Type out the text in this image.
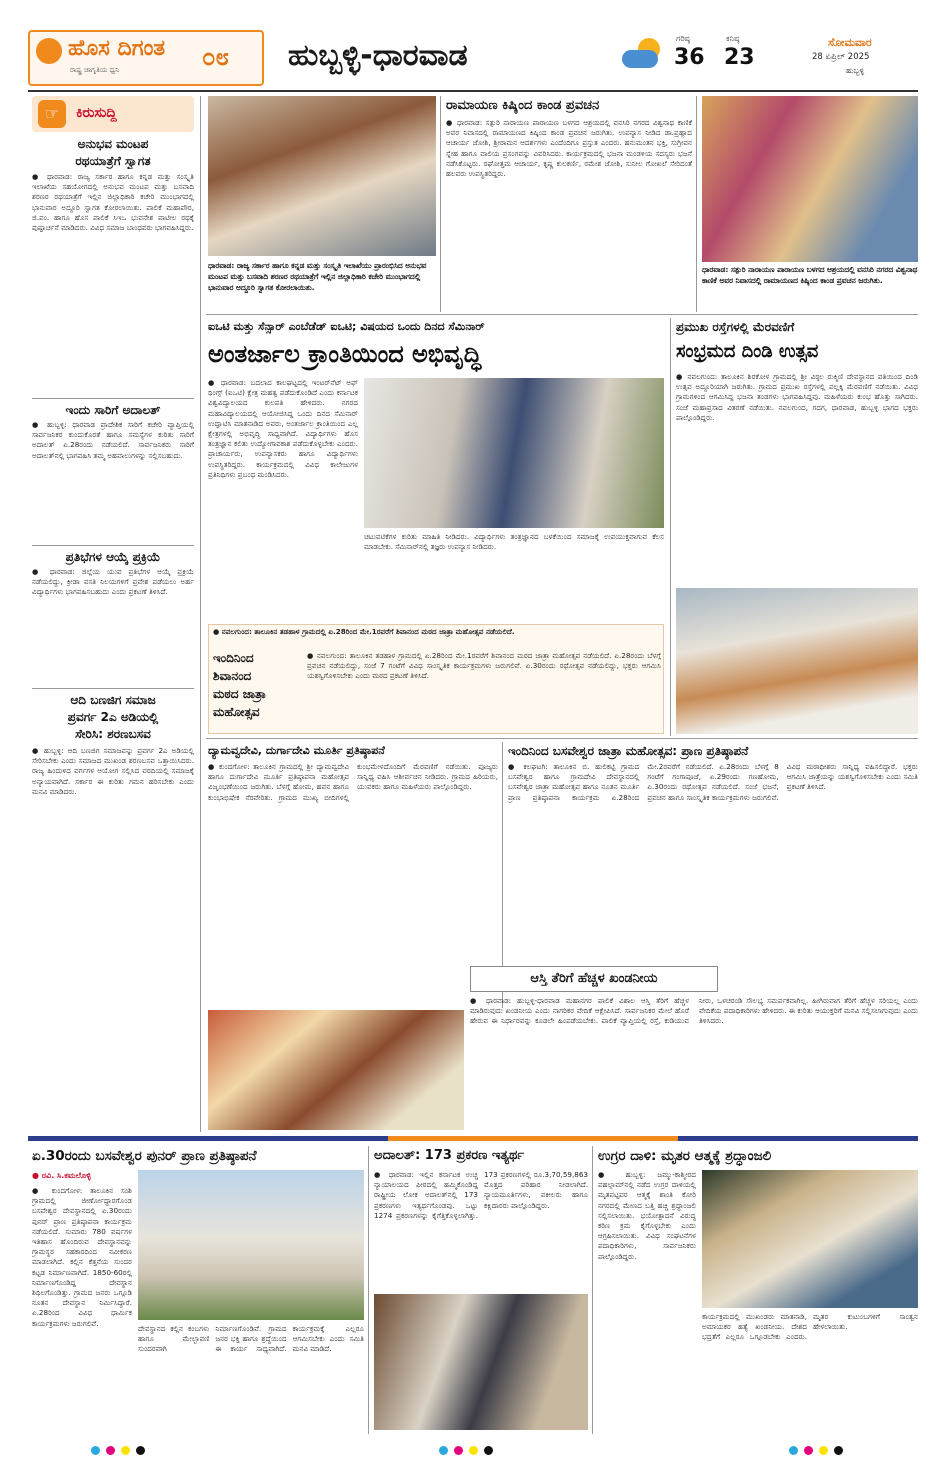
ಹೊಸ ದಿಗಂತ
ರಾಷ್ಟ್ರ ಜಾಗೃತಿಯ ಧ್ವನಿ	೦೮ ಹುಬ್ಬಳ್ಳಿ-ಧಾರವಾಡ	ಗರಿಷ್ಠ
36
ಕನಿಷ್ಠ
23
ಸೋಮವಾರ
28 ಏಪ್ರಿಲ್ 2025
ಹುಬ್ಬಳ್ಳಿ
☞	ಕಿರುಸುದ್ದಿ
ಅನುಭವ ಮಂಟಪ
ರಥಯಾತ್ರೆಗೆ ಸ್ವಾಗತ
● ಧಾರವಾಡ: ರಾಜ್ಯ ಸರ್ಕಾರ ಹಾಗೂ ಕನ್ನಡ ಮತ್ತು ಸಂಸ್ಕೃತಿ ಇಲಾಖೆಯ ಸಹಯೋಗದಲ್ಲಿ ಅನುಭವ ಮಂಟಪ ಮತ್ತು ಬಸವಾದಿ ಶರಣರ ರಥಯಾತ್ರೆಗೆ ಇಲ್ಲಿನ ಜಿಲ್ಲಾಧಿಕಾರಿ ಕಚೇರಿ ಮುಂಭಾಗದಲ್ಲಿ ಭಾನುವಾರ ಅದ್ದೂರಿ ಸ್ವಾಗತ ಕೋರಲಾಯಿತು. ಪಾಲಿಕೆ ಮಹಾಪೌರ, ಜಿ.ಪಂ. ಹಾಗೂ ಹೊಸ ಪಾಲಿಕೆ ಸಿಇಒ ಭುವನೇಶ ಪಾಟೀಲ ರಥಕ್ಕೆ ಪುಷ್ಪಾರ್ಚನೆ ಮಾಡಿದರು. ವಿವಿಧ ಸಮಾಜ ಬಾಂಧವರು ಭಾಗವಹಿಸಿದ್ದರು.
ಇಂದು ಸಾರಿಗೆ ಅದಾಲತ್
● ಹುಬ್ಬಳ್ಳಿ: ಧಾರವಾಡ ಪ್ರಾದೇಶಿಕ ಸಾರಿಗೆ ಕಚೇರಿ ವ್ಯಾಪ್ತಿಯಲ್ಲಿ ಸಾರ್ವಜನಿಕರ ಕುಂದುಕೊರತೆ ಹಾಗೂ ಸಮಸ್ಯೆಗಳ ಕುರಿತು ಸಾರಿಗೆ ಅದಾಲತ್ ಏ.28ರಂದು ನಡೆಯಲಿದೆ. ಸಾರ್ವಜನಿಕರು ಸಾರಿಗೆ ಅದಾಲತ್‌ನಲ್ಲಿ ಭಾಗವಹಿಸಿ ತಮ್ಮ ಅಹವಾಲುಗಳನ್ನು ಸಲ್ಲಿಸಬಹುದು.
ಪ್ರತಿಭೆಗಳ ಆಯ್ಕೆ ಪ್ರಕ್ರಿಯೆ
● ಧಾರವಾಡ: ಜಿಲ್ಲೆಯ ಯುವ ಪ್ರತಿಭೆಗಳ ಆಯ್ಕೆ ಪ್ರಕ್ರಿಯೆ ನಡೆಯಲಿದ್ದು, ಕ್ರೀಡಾ ವಸತಿ ನಿಲಯಗಳಿಗೆ ಪ್ರವೇಶ ಪಡೆಯಲು ಅರ್ಹ ವಿದ್ಯಾರ್ಥಿಗಳು ಭಾಗವಹಿಸಬಹುದು ಎಂದು ಪ್ರಕಟಣೆ ತಿಳಿಸಿದೆ.
ಆದಿ ಬಣಜಿಗ ಸಮಾಜ
ಪ್ರವರ್ಗ 2ಎ ಅಡಿಯಲ್ಲಿ
ಸೇರಿಸಿ: ಶರಣಬಸವ
● ಹುಬ್ಬಳ್ಳಿ: ಆದಿ ಬಣಜಿಗ ಸಮಾಜವನ್ನು ಪ್ರವರ್ಗ 2ಎ ಅಡಿಯಲ್ಲಿ ಸೇರಿಸಬೇಕು ಎಂದು ಸಮಾಜದ ಮುಖಂಡ ಶರಣಬಸವ ಒತ್ತಾಯಿಸಿದರು. ರಾಜ್ಯ ಹಿಂದುಳಿದ ವರ್ಗಗಳ ಆಯೋಗ ಸಲ್ಲಿಸಿದ ವರದಿಯಲ್ಲಿ ಸಮಾಜಕ್ಕೆ ಅನ್ಯಾಯವಾಗಿದೆ. ಸರ್ಕಾರ ಈ ಕುರಿತು ಗಮನ ಹರಿಸಬೇಕು ಎಂದು ಮನವಿ ಮಾಡಿದರು.
ಧಾರವಾಡ: ರಾಜ್ಯ ಸರ್ಕಾರ ಹಾಗೂ ಕನ್ನಡ ಮತ್ತು ಸಂಸ್ಕೃತಿ ಇಲಾಖೆಯು ಪ್ರಾರಂಭಿಸಿದ ಅನುಭವ ಮಂಟಪ ಮತ್ತು ಬಸವಾದಿ ಶರಣರ ರಥಯಾತ್ರೆಗೆ ಇಲ್ಲಿನ ಜಿಲ್ಲಾಧಿಕಾರಿ ಕಚೇರಿ ಮುಂಭಾಗದಲ್ಲಿ ಭಾನುವಾರ ಅದ್ದೂರಿ ಸ್ವಾಗತ ಕೋರಲಾಯಿತು.
ರಾಮಾಯಣ ಕಿಷ್ಕಿಂದ ಕಾಂಡ ಪ್ರವಚನ
● ಧಾರವಾಡ: ಸತ್ಪುರಿ ನಾರಾಯಣ ಪಾರಾಯಣ ಬಳಗದ ಆಶ್ರಯದಲ್ಲಿ ವನಸಿರಿ ನಗರದ ವಿಶ್ವನಾಥ ಕಾಣಿಕೆ ಅವರ ನಿವಾಸದಲ್ಲಿ ರಾಮಾಯಣದ ಕಿಷ್ಕಿಂದ ಕಾಂಡ ಪ್ರವಚನ ಜರುಗಿತು. ಉಪನ್ಯಾಸ ನೀಡಿದ ಡಾ.ಪ್ರಹ್ಲಾದ ಆಚಾರ್ಯ ಜೋಶಿ, ಶ್ರೀರಾಮನ ಆದರ್ಶಗಳು ಎಂದೆಂದಿಗೂ ಪ್ರಸ್ತುತ ಎಂದರು. ಹನುಮಂತನ ಭಕ್ತಿ, ಸುಗ್ರೀವನ ಸ್ನೇಹ ಹಾಗೂ ವಾಲಿಯ ಪ್ರಸಂಗವನ್ನು ವಿವರಿಸಿದರು. ಕಾರ್ಯಕ್ರಮದಲ್ಲಿ ಭಜನಾ ಮಂಡಳಿಯ ಸದಸ್ಯರು ಭಜನೆ ನಡೆಸಿಕೊಟ್ಟರು. ರಘೋತ್ತಮ ಆಚಾರ್ಯ, ಕೃಷ್ಣ ಕುಲಕರ್ಣಿ, ರಮೇಶ ಜೋಶಿ, ಸುನೀಲ ಗೋಖಲೆ ಸೇರಿದಂತೆ ಹಲವರು ಉಪಸ್ಥಿತರಿದ್ದರು.
ಧಾರವಾಡ: ಸತ್ಪುರಿ ನಾರಾಯಣ ಪಾರಾಯಣ ಬಳಗದ ಆಶ್ರಯದಲ್ಲಿ ವನಸಿರಿ ನಗರದ ವಿಶ್ವನಾಥ ಕಾಣಿಕೆ ಅವರ ನಿವಾಸದಲ್ಲಿ ರಾಮಾಯಣದ ಕಿಷ್ಕಿಂದ ಕಾಂಡ ಪ್ರವಚನ ಜರುಗಿತು.
ಐಒಟಿ ಮತ್ತು ಸೆನ್ಸಾರ್ ಎಂಬೆಡೆಡ್ ಐಒಟಿ; ವಿಷಯದ ಒಂದು ದಿನದ ಸೆಮಿನಾರ್
ಅಂತರ್ಜಾಲ ಕ್ರಾಂತಿಯಿಂದ ಅಭಿವೃದ್ಧಿ
● ಧಾರವಾಡ: ಬದಲಾದ ಕಾಲಘಟ್ಟದಲ್ಲಿ ಇಂಟರ್‌ನೆಟ್ ಆಫ್ ಥಿಂಗ್ಸ್ (ಐಒಟಿ) ಕ್ಷೇತ್ರ ಮಹತ್ವ ಪಡೆದುಕೊಂಡಿದೆ ಎಂದು ಕರ್ನಾಟಕ ವಿಶ್ವವಿದ್ಯಾಲಯದ ಕುಲಪತಿ ಹೇಳಿದರು. ನಗರದ ಮಹಾವಿದ್ಯಾಲಯದಲ್ಲಿ ಆಯೋಜಿಸಿದ್ದ ಒಂದು ದಿನದ ಸೆಮಿನಾರ್ ಉದ್ಘಾಟಿಸಿ ಮಾತನಾಡಿದ ಅವರು, ಅಂತರ್ಜಾಲ ಕ್ರಾಂತಿಯಿಂದ ಎಲ್ಲ ಕ್ಷೇತ್ರಗಳಲ್ಲಿ ಅಭಿವೃದ್ಧಿ ಸಾಧ್ಯವಾಗಿದೆ. ವಿದ್ಯಾರ್ಥಿಗಳು ಹೊಸ ತಂತ್ರಜ್ಞಾನ ಕಲಿತು ಉದ್ಯೋಗಾವಕಾಶ ಪಡೆದುಕೊಳ್ಳಬೇಕು ಎಂದರು. ಪ್ರಾಚಾರ್ಯರು, ಉಪನ್ಯಾಸಕರು ಹಾಗೂ ವಿದ್ಯಾರ್ಥಿಗಳು ಉಪಸ್ಥಿತರಿದ್ದರು. ಕಾರ್ಯಕ್ರಮದಲ್ಲಿ ವಿವಿಧ ಕಾಲೇಜುಗಳ ಪ್ರತಿನಿಧಿಗಳು ಪ್ರಬಂಧ ಮಂಡಿಸಿದರು.
ಚಟುವಟಿಕೆಗಳ ಕುರಿತು ಮಾಹಿತಿ ನೀಡಿದರು. ವಿದ್ಯಾರ್ಥಿಗಳು ತಂತ್ರಜ್ಞಾನದ ಬಳಕೆಯಿಂದ ಸಮಾಜಕ್ಕೆ ಉಪಯುಕ್ತವಾಗುವ ಕೆಲಸ ಮಾಡಬೇಕು. ಸೆಮಿನಾರ್‌ನಲ್ಲಿ ತಜ್ಞರು ಉಪನ್ಯಾಸ ನೀಡಿದರು.
ಪ್ರಮುಖ ರಸ್ತೆಗಳಲ್ಲಿ ಮೆರವಣಿಗೆ
ಸಂಭ್ರಮದ ದಿಂಡಿ ಉತ್ಸವ
● ನವಲಗುಂದ: ತಾಲೂಕಿನ ಶಿರಕೋಳ ಗ್ರಾಮದಲ್ಲಿ ಶ್ರೀ ವಿಠ್ಠಲ ರುಕ್ಮಿಣಿ ದೇವಸ್ಥಾನದ ವತಿಯಿಂದ ದಿಂಡಿ ಉತ್ಸವ ಅದ್ದೂರಿಯಾಗಿ ಜರುಗಿತು. ಗ್ರಾಮದ ಪ್ರಮುಖ ರಸ್ತೆಗಳಲ್ಲಿ ಪಲ್ಲಕ್ಕಿ ಮೆರವಣಿಗೆ ನಡೆಯಿತು. ವಿವಿಧ ಗ್ರಾಮಗಳಿಂದ ಆಗಮಿಸಿದ್ದ ಭಜನಾ ತಂಡಗಳು ಭಾಗವಹಿಸಿದ್ದವು. ಮಹಿಳೆಯರು ಕುಂಭ ಹೊತ್ತು ಸಾಗಿದರು. ಸಂಜೆ ಮಹಾಪ್ರಸಾದ ವಿತರಣೆ ನಡೆಯಿತು. ನವಲಗುಂದ, ಗದಗ, ಧಾರವಾಡ, ಹುಬ್ಬಳ್ಳಿ ಭಾಗದ ಭಕ್ತರು ಪಾಲ್ಗೊಂಡಿದ್ದರು.
● ನವಲಗುಂದ: ತಾಲೂಕಿನ ತಡಹಾಳ ಗ್ರಾಮದಲ್ಲಿ ಏ.28ರಿಂದ ಮೇ.1ರವರೆಗೆ ಶಿವಾನಂದ ಮಠದ ಜಾತ್ರಾ ಮಹೋತ್ಸವ ನಡೆಯಲಿದೆ.
ಇಂದಿನಿಂದ
ಶಿವಾನಂದ
ಮಠದ ಜಾತ್ರಾ
ಮಹೋತ್ಸವ
● ನವಲಗುಂದ: ತಾಲೂಕಿನ ತಡಹಾಳ ಗ್ರಾಮದಲ್ಲಿ ಏ.28ರಿಂದ ಮೇ.1ರವರೆಗೆ ಶಿವಾನಂದ ಮಠದ ಜಾತ್ರಾ ಮಹೋತ್ಸವ ನಡೆಯಲಿದೆ. ಏ.28ರಂದು ಬೆಳಗ್ಗೆ ಪ್ರವಚನ ನಡೆಯಲಿದ್ದು, ಸಂಜೆ 7 ಗಂಟೆಗೆ ವಿವಿಧ ಸಾಂಸ್ಕೃತಿಕ ಕಾರ್ಯಕ್ರಮಗಳು ಜರುಗಲಿವೆ. ಏ.30ರಂದು ರಥೋತ್ಸವ ನಡೆಯಲಿದ್ದು, ಭಕ್ತರು ಆಗಮಿಸಿ ಯಶಸ್ವಿಗೊಳಿಸಬೇಕು ಎಂದು ಮಠದ ಪ್ರಕಟಣೆ ತಿಳಿಸಿದೆ.
ದ್ಯಾಮವ್ವದೇವಿ, ದುರ್ಗಾದೇವಿ ಮೂರ್ತಿ ಪ್ರತಿಷ್ಠಾಪನೆ
● ಕುಂದಗೋಳ: ತಾಲೂಕಿನ ಗ್ರಾಮದಲ್ಲಿ ಶ್ರೀ ದ್ಯಾಮವ್ವದೇವಿ ಹಾಗೂ ದುರ್ಗಾದೇವಿ ಮೂರ್ತಿ ಪ್ರತಿಷ್ಠಾಪನಾ ಮಹೋತ್ಸವ ವಿಜೃಂಭಣೆಯಿಂದ ಜರುಗಿತು. ಬೆಳಗ್ಗೆ ಹೋಮ, ಹವನ ಹಾಗೂ ಕುಂಭಾಭಿಷೇಕ ನೆರವೇರಿತು. ಗ್ರಾಮದ ಮುಖ್ಯ ಬೀದಿಗಳಲ್ಲಿ ಕುಂಭಮೇಳದೊಂದಿಗೆ ಮೆರವಣಿಗೆ ನಡೆಯಿತು. ಪೂಜ್ಯರು ಸಾನ್ನಿಧ್ಯ ವಹಿಸಿ ಆಶೀರ್ವಚನ ನೀಡಿದರು. ಗ್ರಾಮದ ಹಿರಿಯರು, ಯುವಕರು ಹಾಗೂ ಮಹಿಳೆಯರು ಪಾಲ್ಗೊಂಡಿದ್ದರು.
ಇಂದಿನಿಂದ ಬಸವೇಶ್ವರ ಜಾತ್ರಾ ಮಹೋತ್ಸವ: ಪ್ರಾಣ ಪ್ರತಿಷ್ಠಾಪನೆ
● ಕಲಘಟಗಿ: ತಾಲೂಕಿನ ಬಿ. ಹುಲಿಕಟ್ಟಿ ಗ್ರಾಮದ ಬಸವೇಶ್ವರ ಹಾಗೂ ಗ್ರಾಮದೇವಿ ದೇವಸ್ಥಾನದಲ್ಲಿ ಬಸವೇಶ್ವರ ಜಾತ್ರಾ ಮಹೋತ್ಸವ ಹಾಗೂ ನೂತನ ಮೂರ್ತಿ ಪ್ರಾಣ ಪ್ರತಿಷ್ಠಾಪನಾ ಕಾರ್ಯಕ್ರಮ ಏ.28ರಿಂದ ಮೇ.2ರವರೆಗೆ ನಡೆಯಲಿದೆ. ಏ.28ರಂದು ಬೆಳಗ್ಗೆ 8 ಗಂಟೆಗೆ ಗಂಗಾಪೂಜೆ, ಏ.29ರಂದು ಗಣಹೋಮ, ಏ.30ರಂದು ರಥೋತ್ಸವ ನಡೆಯಲಿದೆ. ಸಂಜೆ ಭಜನೆ, ಪ್ರವಚನ ಹಾಗೂ ಸಾಂಸ್ಕೃತಿಕ ಕಾರ್ಯಕ್ರಮಗಳು ಜರುಗಲಿವೆ. ವಿವಿಧ ಮಠಾಧೀಶರು ಸಾನ್ನಿಧ್ಯ ವಹಿಸಲಿದ್ದಾರೆ. ಭಕ್ತರು ಆಗಮಿಸಿ ಜಾತ್ರೆಯನ್ನು ಯಶಸ್ವಿಗೊಳಿಸಬೇಕು ಎಂದು ಸಮಿತಿ ಪ್ರಕಟಣೆ ತಿಳಿಸಿದೆ.
ಆಸ್ತಿ ತೆರಿಗೆ ಹೆಚ್ಚಳ ಖಂಡನೀಯ
● ಧಾರವಾಡ: ಹುಬ್ಬಳ್ಳಿ-ಧಾರವಾಡ ಮಹಾನಗರ ಪಾಲಿಕೆ ವಿಶಾಲ ಆಸ್ತಿ ತೆರಿಗೆ ಹೆಚ್ಚಳ ಮಾಡಿರುವುದು ಖಂಡನೀಯ ಎಂದು ನಾಗರಿಕರ ವೇದಿಕೆ ಆಕ್ಷೇಪಿಸಿದೆ. ಸಾರ್ವಜನಿಕರ ಮೇಲೆ ಹೊರೆ ಹೇರುವ ಈ ನಿರ್ಧಾರವನ್ನು ಕೂಡಲೇ ಹಿಂಪಡೆಯಬೇಕು. ಪಾಲಿಕೆ ವ್ಯಾಪ್ತಿಯಲ್ಲಿ ರಸ್ತೆ, ಕುಡಿಯುವ ನೀರು, ಒಳಚರಂಡಿ ಸೌಲಭ್ಯ ಸಮರ್ಪಕವಾಗಿಲ್ಲ. ಹೀಗಿರುವಾಗ ತೆರಿಗೆ ಹೆಚ್ಚಳ ಸರಿಯಲ್ಲ ಎಂದು ವೇದಿಕೆಯ ಪದಾಧಿಕಾರಿಗಳು ಹೇಳಿದರು. ಈ ಕುರಿತು ಆಯುಕ್ತರಿಗೆ ಮನವಿ ಸಲ್ಲಿಸಲಾಗುವುದು ಎಂದು ತಿಳಿಸಿದರು.
ಏ.30ರಂದು ಬಸವೇಶ್ವರ ಪುನರ್ ಪ್ರಾಣ ಪ್ರತಿಷ್ಠಾಪನೆ
● ರವಿ. ಸಿ.ಕಮಲೊಳ್ಳಿ
● ಕುಂದಗೋಳ: ತಾಲೂಕಿನ ಸಂಶಿ ಗ್ರಾಮದಲ್ಲಿ ಜೀರ್ಣೋದ್ಧಾರಗೊಂಡ ಬಸವೇಶ್ವರ ದೇವಸ್ಥಾನದಲ್ಲಿ ಏ.30ರಂದು ಪುನರ್ ಪ್ರಾಣ ಪ್ರತಿಷ್ಠಾಪನಾ ಕಾರ್ಯಕ್ರಮ ನಡೆಯಲಿದೆ. ಸುಮಾರು 780 ವರ್ಷಗಳ ಇತಿಹಾಸ ಹೊಂದಿರುವ ದೇವಸ್ಥಾನವನ್ನು ಗ್ರಾಮಸ್ಥರ ಸಹಕಾರದಿಂದ ನವೀಕರಣ ಮಾಡಲಾಗಿದೆ. ಕಲ್ಲಿನ ಕೆತ್ತನೆಯ ಸುಂದರ ಕಟ್ಟಡ ನಿರ್ಮಾಣವಾಗಿದೆ. 1850-60ರಲ್ಲಿ ನಿರ್ಮಾಣಗೊಂಡಿದ್ದ ದೇವಸ್ಥಾನ ಶಿಥಿಲಗೊಂಡಿತ್ತು. ಗ್ರಾಮದ ಜನರು ಒಗ್ಗೂಡಿ ನೂತನ ದೇವಸ್ಥಾನ ನಿರ್ಮಿಸಿದ್ದಾರೆ. ಏ.28ರಿಂದ ವಿವಿಧ ಧಾರ್ಮಿಕ ಕಾರ್ಯಕ್ರಮಗಳು ಜರುಗಲಿವೆ.
ದೇವಸ್ಥಾನದ ಕಲ್ಲಿನ ಕಂಬಗಳು ಹಾಗೂ ಮೇಲ್ಛಾವಣಿ ಸುಂದರವಾಗಿ ನಿರ್ಮಾಣಗೊಂಡಿವೆ. ಗ್ರಾಮದ ಜನರ ಭಕ್ತಿ ಹಾಗೂ ಶ್ರದ್ಧೆಯಿಂದ ಈ ಕಾರ್ಯ ಸಾಧ್ಯವಾಗಿದೆ. ಕಾರ್ಯಕ್ರಮಕ್ಕೆ ಎಲ್ಲರೂ ಆಗಮಿಸಬೇಕು ಎಂದು ಸಮಿತಿ ಮನವಿ ಮಾಡಿದೆ.
ಅದಾಲತ್: 173 ಪ್ರಕರಣ ಇತ್ಯರ್ಥ
● ಧಾರವಾಡ: ಇಲ್ಲಿನ ಕರ್ನಾಟಕ ಉಚ್ಚ ನ್ಯಾಯಾಲಯದ ಪೀಠದಲ್ಲಿ ಹಮ್ಮಿಕೊಂಡಿದ್ದ ರಾಷ್ಟ್ರೀಯ ಲೋಕ ಅದಾಲತ್‌ನಲ್ಲಿ 173 ಪ್ರಕರಣಗಳು ಇತ್ಯರ್ಥಗೊಂಡವು. ಒಟ್ಟು 1274 ಪ್ರಕರಣಗಳನ್ನು ಕೈಗೆತ್ತಿಕೊಳ್ಳಲಾಗಿತ್ತು. 173 ಪ್ರಕರಣಗಳಲ್ಲಿ ರೂ.3,70,59,863 ಮೊತ್ತದ ಪರಿಹಾರ ನೀಡಲಾಗಿದೆ. ನ್ಯಾಯಮೂರ್ತಿಗಳು, ವಕೀಲರು ಹಾಗೂ ಕಕ್ಷಿದಾರರು ಪಾಲ್ಗೊಂಡಿದ್ದರು.
ಉಗ್ರರ ದಾಳಿ: ಮೃತರ ಆತ್ಮಕ್ಕೆ ಶ್ರದ್ಧಾಂಜಲಿ
● ಹುಬ್ಬಳ್ಳಿ: ಜಮ್ಮು-ಕಾಶ್ಮೀರದ ಪಹಲ್ಗಾಮ್‌ನಲ್ಲಿ ನಡೆದ ಉಗ್ರರ ದಾಳಿಯಲ್ಲಿ ಮೃತಪಟ್ಟವರ ಆತ್ಮಕ್ಕೆ ಶಾಂತಿ ಕೋರಿ ನಗರದಲ್ಲಿ ಮೇಣದ ಬತ್ತಿ ಹಚ್ಚಿ ಶ್ರದ್ಧಾಂಜಲಿ ಸಲ್ಲಿಸಲಾಯಿತು. ಭಯೋತ್ಪಾದನೆ ವಿರುದ್ಧ ಕಠಿಣ ಕ್ರಮ ಕೈಗೊಳ್ಳಬೇಕು ಎಂದು ಆಗ್ರಹಿಸಲಾಯಿತು. ವಿವಿಧ ಸಂಘಟನೆಗಳ ಪದಾಧಿಕಾರಿಗಳು, ಸಾರ್ವಜನಿಕರು ಪಾಲ್ಗೊಂಡಿದ್ದರು.
ಕಾರ್ಯಕ್ರಮದಲ್ಲಿ ಮುಖಂಡರು ಮಾತನಾಡಿ, ಅಮಾಯಕರ ಹತ್ಯೆ ಖಂಡನೀಯ. ದೇಶದ ಭದ್ರತೆಗೆ ಎಲ್ಲರೂ ಒಗ್ಗೂಡಬೇಕು ಎಂದರು. ಮೃತರ ಕುಟುಂಬಗಳಿಗೆ ಸಾಂತ್ವನ ಹೇಳಲಾಯಿತು.
